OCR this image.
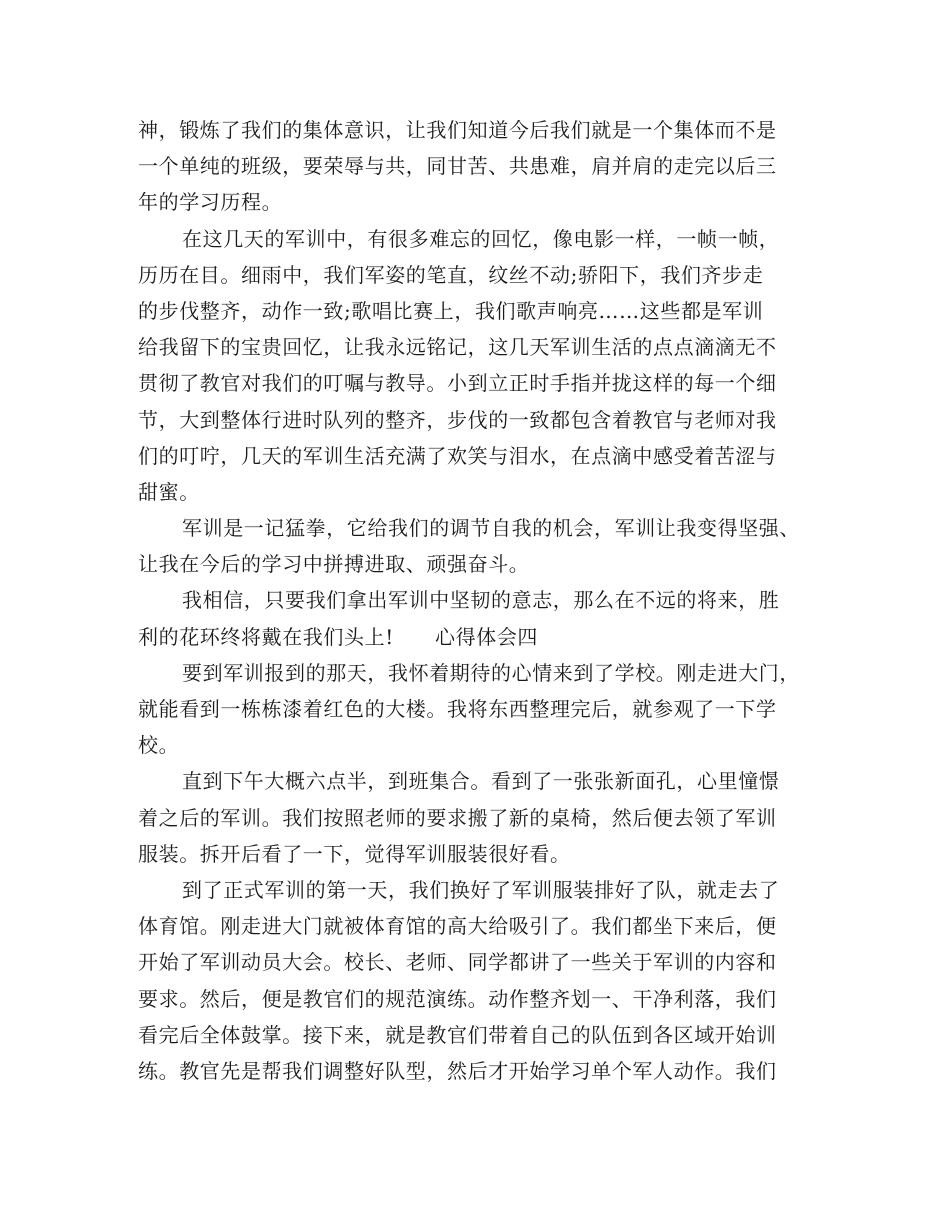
神，锻炼了我们的集体意识，让我们知道今后我们就是一个集体而不是
一个单纯的班级，要荣辱与共，同甘苦、共患难，肩并肩的走完以后三
年的学习历程。
在这几天的军训中，有很多难忘的回忆，像电影一样，一帧一帧，
历历在目。细雨中，我们军姿的笔直，纹丝不动;骄阳下，我们齐步走
的步伐整齐，动作一致;歌唱比赛上，我们歌声响亮……这些都是军训
给我留下的宝贵回忆，让我永远铭记，这几天军训生活的点点滴滴无不
贯彻了教官对我们的叮嘱与教导。小到立正时手指并拢这样的每一个细
节，大到整体行进时队列的整齐，步伐的一致都包含着教官与老师对我
们的叮咛，几天的军训生活充满了欢笑与泪水，在点滴中感受着苦涩与
甜蜜。
军训是一记猛拳，它给我们的调节自我的机会，军训让我变得坚强、
让我在今后的学习中拼搏进取、顽强奋斗。
我相信，只要我们拿出军训中坚韧的意志，那么在不远的将来，胜
利的花环终将戴在我们头上!　　心得体会四
要到军训报到的那天，我怀着期待的心情来到了学校。刚走进大门，
就能看到一栋栋漆着红色的大楼。我将东西整理完后，就参观了一下学
校。
直到下午大概六点半，到班集合。看到了一张张新面孔，心里憧憬
着之后的军训。我们按照老师的要求搬了新的桌椅，然后便去领了军训
服装。拆开后看了一下，觉得军训服装很好看。
到了正式军训的第一天，我们换好了军训服装排好了队，就走去了
体育馆。刚走进大门就被体育馆的高大给吸引了。我们都坐下来后，便
开始了军训动员大会。校长、老师、同学都讲了一些关于军训的内容和
要求。然后，便是教官们的规范演练。动作整齐划一、干净利落，我们
看完后全体鼓掌。接下来，就是教官们带着自己的队伍到各区域开始训
练。教官先是帮我们调整好队型，然后才开始学习单个军人动作。我们
